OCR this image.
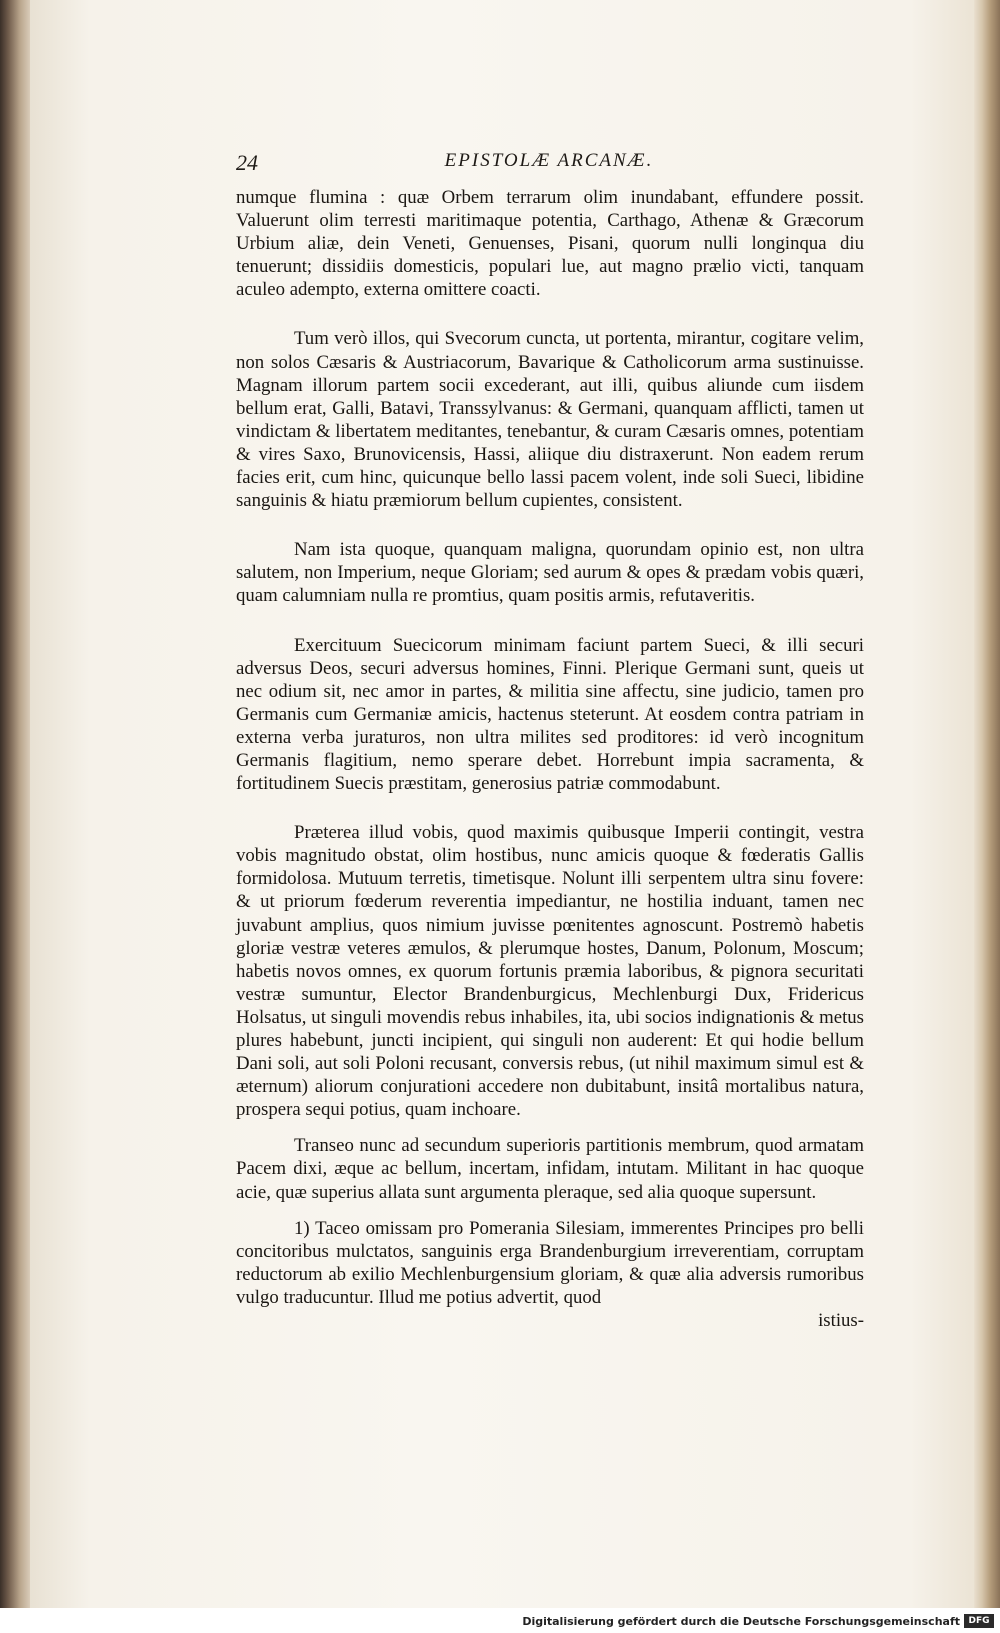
24	EPISTOLÆ ARCANÆ.

numque flumina : quæ Orbem terrarum olim inundabant, effundere possit. Valuerunt olim terresti maritimaque potentia, Carthago, Athenæ & Græcorum Urbium aliæ, dein Veneti, Genuenses, Pisani, quorum nulli longinqua diu tenuerunt; dissidiis domesticis, populari lue, aut magno prælio victi, tanquam aculeo adempto, externa omittere coacti.

Tum verò illos, qui Svecorum cuncta, ut portenta, mirantur, cogitare velim, non solos Cæsaris & Austriacorum, Bavarique & Catholicorum arma sustinuisse. Magnam illorum partem socii excederant, aut illi, quibus aliunde cum iisdem bellum erat, Galli, Batavi, Transsylvanus: & Germani, quanquam afflicti, tamen ut vindictam & libertatem meditantes, tenebantur, & curam Cæsaris omnes, potentiam & vires Saxo, Brunovicensis, Hassi, aliique diu distraxerunt. Non eadem rerum facies erit, cum hinc, quicunque bello lassi pacem volent, inde soli Sueci, libidine sanguinis & hiatu præmiorum bellum cupientes, consistent.

Nam ista quoque, quanquam maligna, quorundam opinio est, non ultra salutem, non Imperium, neque Gloriam; sed aurum & opes & prædam vobis quæri, quam calumniam nulla re promtius, quam positis armis, refutaveritis.

Exercituum Suecicorum minimam faciunt partem Sueci, & illi securi adversus Deos, securi adversus homines, Finni. Plerique Germani sunt, queis ut nec odium sit, nec amor in partes, & militia sine affectu, sine judicio, tamen pro Germanis cum Germaniæ amicis, hactenus steterunt. At eosdem contra patriam in externa verba juraturos, non ultra milites sed proditores: id verò incognitum Germanis flagitium, nemo sperare debet. Horrebunt impia sacramenta, & fortitudinem Suecis præstitam, generosius patriæ commodabunt.

Præterea illud vobis, quod maximis quibusque Imperii contingit, vestra vobis magnitudo obstat, olim hostibus, nunc amicis quoque & fœderatis Gallis formidolosa. Mutuum terretis, timetisque. Nolunt illi serpentem ultra sinu fovere: & ut priorum fœderum reverentia impediantur, ne hostilia induant, tamen nec juvabunt amplius, quos nimium juvisse pœnitentes agnoscunt. Postremò habetis gloriæ vestræ veteres æmulos, & plerumque hostes, Danum, Polonum, Moscum; habetis novos omnes, ex quorum fortunis præmia laboribus, & pignora securitati vestræ sumuntur, Elector Brandenburgicus, Mechlenburgi Dux, Fridericus Holsatus, ut singuli movendis rebus inhabiles, ita, ubi socios indignationis & metus plures habebunt, juncti incipient, qui singuli non auderent: Et qui hodie bellum Dani soli, aut soli Poloni recusant, conversis rebus, (ut nihil maximum simul est & æternum) aliorum conjurationi accedere non dubitabunt, insitâ mortalibus natura, prospera sequi potius, quam inchoare.

Transeo nunc ad secundum superioris partitionis membrum, quod armatam Pacem dixi, æque ac bellum, incertam, infidam, intutam. Militant in hac quoque acie, quæ superius allata sunt argumenta pleraque, sed alia quoque supersunt.

1) Taceo omissam pro Pomerania Silesiam, immerentes Principes pro belli concitoribus mulctatos, sanguinis erga Brandenburgium irreverentiam, corruptam reductorum ab exilio Mechlenburgensium gloriam, & quæ alia adversis rumoribus vulgo traducuntur. Illud me potius advertit, quod

istius-

Digitalisierung gefördert durch die Deutsche Forschungsgemeinschaft DFG
